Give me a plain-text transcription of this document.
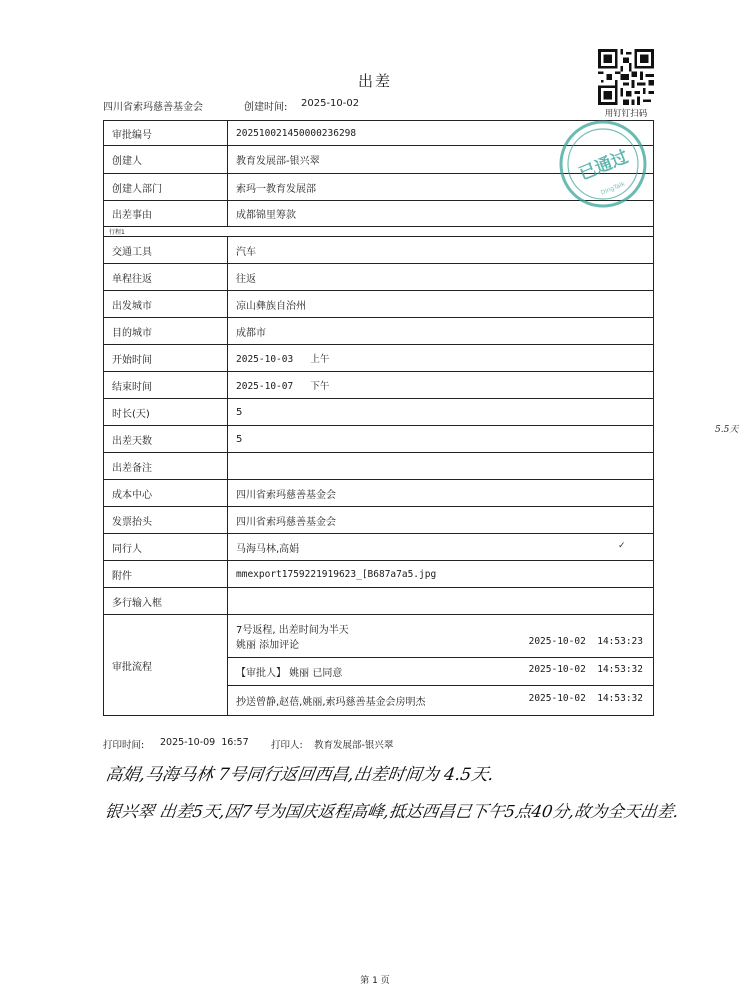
出差
四川省索玛慈善基金会	创建时间: 2025-10-02
用钉钉扫码
审批编号	202510021450000236298
创建人	教育发展部-银兴翠
创建人部门	索玛一教育发展部
出差事由	成都锦里筹款
行程1	
交通工具	汽车
单程往返	往返
出发城市	凉山彝族自治州
目的城市	成都市
开始时间	2025-10-03   上午
结束时间	2025-10-07   下午
时长(天)	5
出差天数	5
出差备注	
成本中心	四川省索玛慈善基金会
发票抬头	四川省索玛慈善基金会
同行人	马海马林,高娟
附件	mmexport1759221919623_[B687a7a5.jpg
多行输入框	
审批流程	7号返程, 出差时间为半天
姚丽 添加评论 2025-10-02  14:53:23

	【审批人】 姚丽 已同意 2025-10-02  14:53:32

	抄送曾静,赵蓓,姚丽,索玛慈善基金会房明杰 2025-10-02  14:53:32
已通过
DingTalk
✓
打印时间: 2025-10-09  16:57 打印人: 教育发展部-银兴翠
高娟,马海马林 7号同行返回西昌,出差时间为 4.5天.
银兴翠 出差5天,因7号为国庆返程高峰,抵达西昌已下午5点40分,故为全天出差.
5.5天
第 1 页
